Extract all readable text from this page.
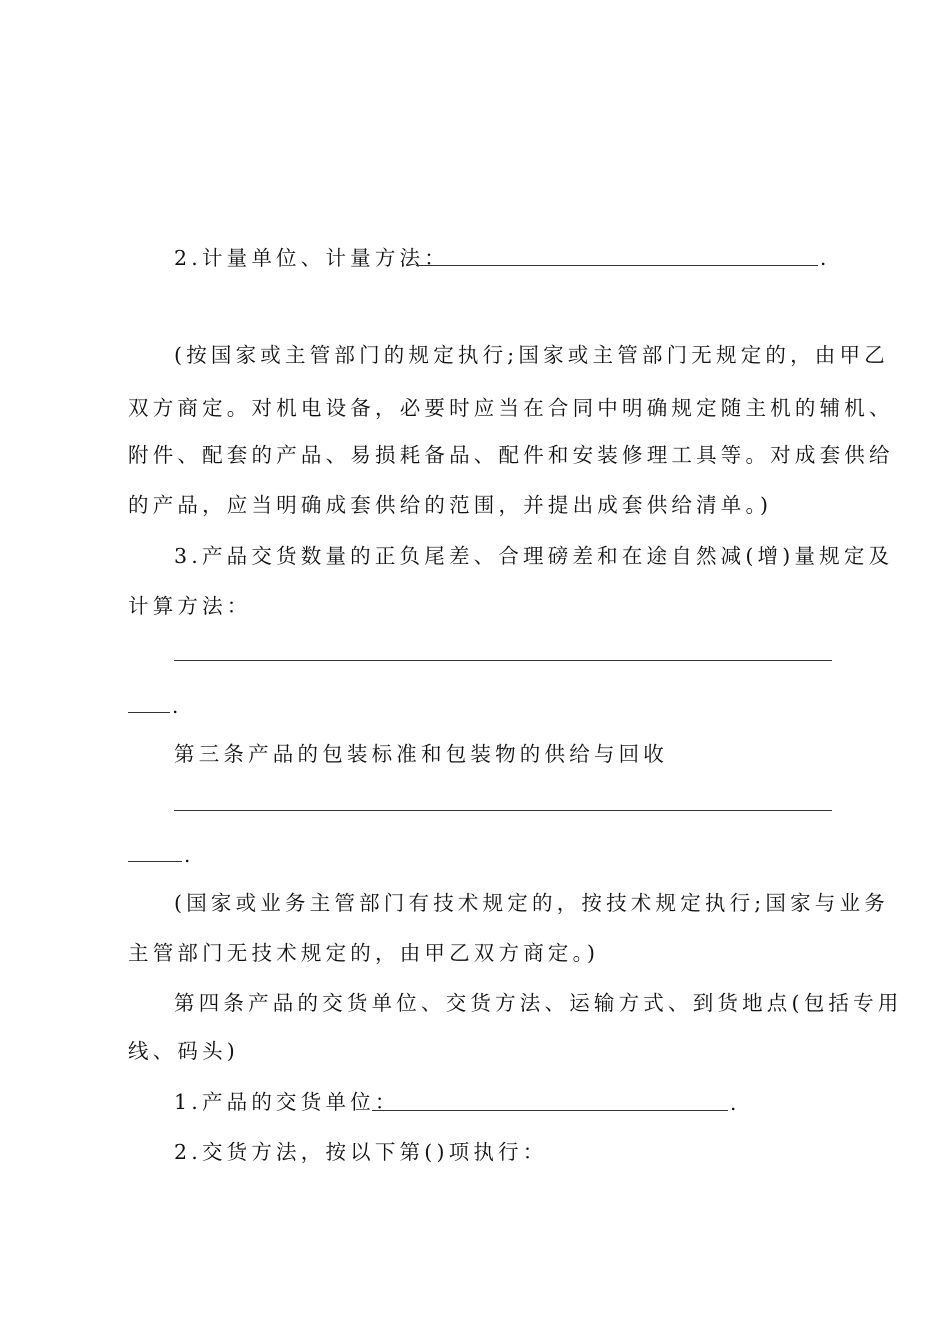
2.计量单位、计量方法：	.
(按国家或主管部门的规定执行;国家或主管部门无规定的，由甲乙
双方商定。对机电设备，必要时应当在合同中明确规定随主机的辅机、
附件、配套的产品、易损耗备品、配件和安装修理工具等。对成套供给
的产品，应当明确成套供给的范围，并提出成套供给清单。)
3.产品交货数量的正负尾差、合理磅差和在途自然减(增)量规定及
计算方法：
.
第三条产品的包装标准和包装物的供给与回收
.
(国家或业务主管部门有技术规定的，按技术规定执行;国家与业务
主管部门无技术规定的，由甲乙双方商定。)
第四条产品的交货单位、交货方法、运输方式、到货地点(包括专用
线、码头)
1.产品的交货单位：	.
2.交货方法，按以下第()项执行：
